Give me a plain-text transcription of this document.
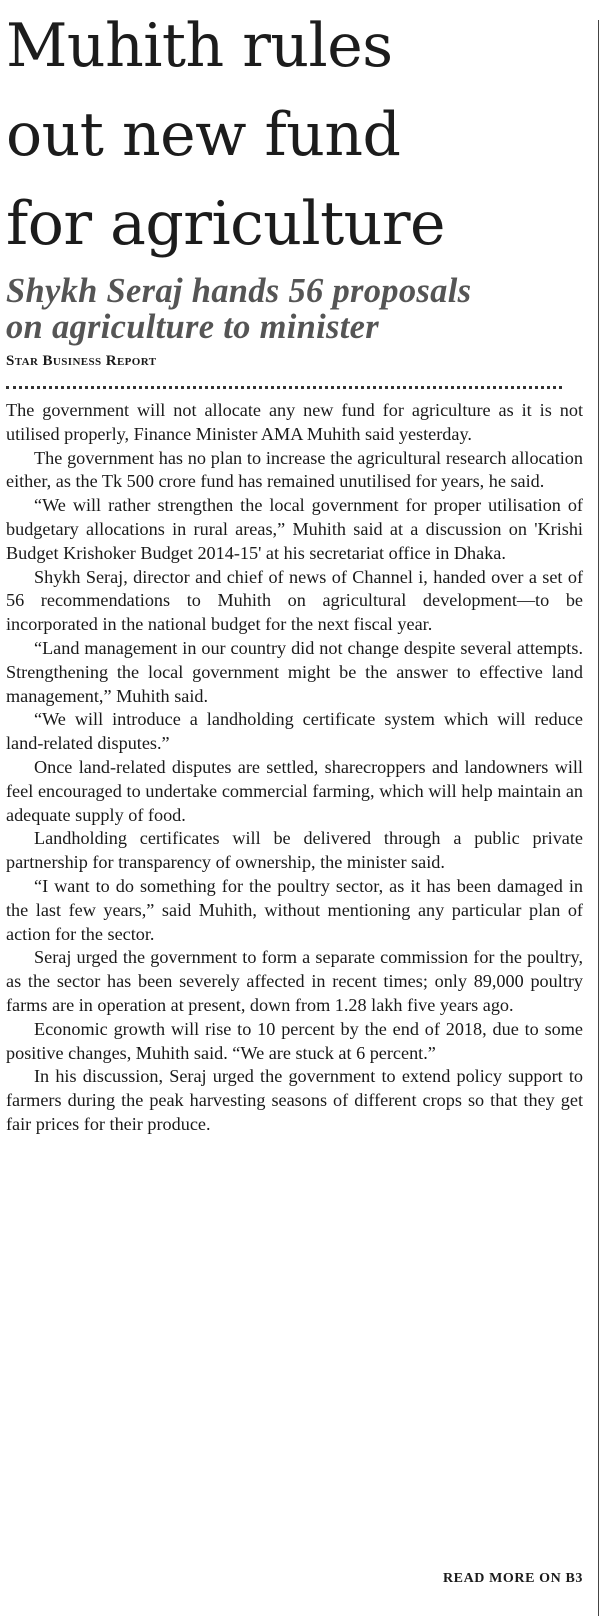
Muhith rules
out new fund
for agriculture
Shykh Seraj hands 56 proposals
on agriculture to minister
Star Business Report

The government will not allocate any new fund for agriculture as it is not utilised properly, Finance Minister AMA Muhith said yesterday.

The government has no plan to increase the agricultural research allocation either, as the Tk 500 crore fund has remained unutilised for years, he said.

“We will rather strengthen the local government for proper utilisation of budgetary allocations in rural areas,” Muhith said at a discussion on 'Krishi Budget Krishoker Budget 2014-15' at his secretariat office in Dhaka.

Shykh Seraj, director and chief of news of Channel i, handed over a set of 56 recommendations to Muhith on agricultural development—to be incorporated in the national budget for the next fiscal year.

“Land management in our country did not change despite several attempts. Strengthening the local government might be the answer to effective land management,” Muhith said.

“We will introduce a landholding certificate system which will reduce land-related disputes.”

Once land-related disputes are settled, sharecroppers and landowners will feel encouraged to undertake commercial farming, which will help maintain an adequate supply of food.

Landholding certificates will be delivered through a public private partnership for transparency of ownership, the minister said.

“I want to do something for the poultry sector, as it has been damaged in the last few years,” said Muhith, without mentioning any particular plan of action for the sector.

Seraj urged the government to form a separate commission for the poultry, as the sector has been severely affected in recent times; only 89,000 poultry farms are in operation at present, down from 1.28 lakh five years ago.

Economic growth will rise to 10 percent by the end of 2018, due to some positive changes, Muhith said. “We are stuck at 6 percent.”

In his discussion, Seraj urged the government to extend policy support to farmers during the peak harvesting seasons of different crops so that they get fair prices for their produce.

READ MORE ON B3
